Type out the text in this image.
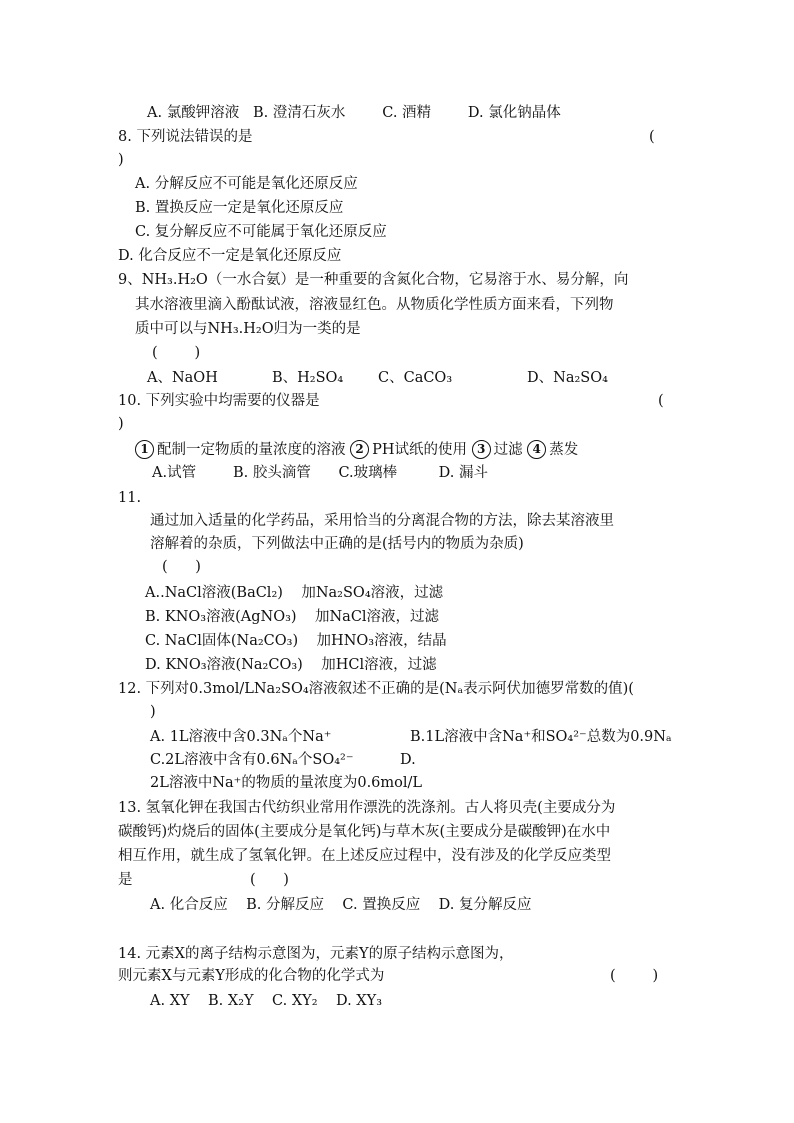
A. 氯酸钾溶液   B. 澄清石灰水        C. 酒精        D. 氯化钠晶体
8. 下列说法错误的是	(
)
A. 分解反应不可能是氧化还原反应
B. 置换反应一定是氧化还原反应
C. 复分解反应不可能属于氧化还原反应
D. 化合反应不一定是氧化还原反应
9、NH₃.H₂O（一水合氨）是一种重要的含氮化合物，它易溶于水、易分解，向
其水溶液里滴入酚酞试液，溶液显红色。从物质化学性质方面来看，下列物
质中可以与NH₃.H₂O归为一类的是
(        )
A、NaOH	B、H₂SO₄ C、CaCO₃	D、Na₂SO₄
10. 下列实验中均需要的仪器是	(
)
1 配制一定物质的量浓度的溶液 2 PH试纸的使用 3 过滤 4 蒸发
A.试管        B. 胶头滴管      C.玻璃棒         D. 漏斗
11.
通过加入适量的化学药品，采用恰当的分离混合物的方法，除去某溶液里
溶解着的杂质，下列做法中正确的是(括号内的物质为杂质)
(      )
A..NaCl溶液(BaCl₂)    加Na₂SO₄溶液，过滤
B. KNO₃溶液(AgNO₃)    加NaCl溶液，过滤
C. NaCl固体(Na₂CO₃)    加HNO₃溶液，结晶
D. KNO₃溶液(Na₂CO₃)    加HCl溶液，过滤
12. 下列对0.3mol/LNa₂SO₄溶液叙述不正确的是(Nₐ表示阿伏加德罗常数的值)(
)
A. 1L溶液中含0.3Nₐ个Na⁺	B.1L溶液中含Na⁺和SO₄²⁻总数为0.9Nₐ
C.2L溶液中含有0.6Nₐ个SO₄²⁻	D.
2L溶液中Na⁺的物质的量浓度为0.6mol/L
13. 氢氧化钾在我国古代纺织业常用作漂洗的洗涤剂。古人将贝壳(主要成分为
碳酸钙)灼烧后的固体(主要成分是氧化钙)与草木灰(主要成分是碳酸钾)在水中
相互作用，就生成了氢氧化钾。在上述反应过程中，没有涉及的化学反应类型
是	(      )
A. 化合反应    B. 分解反应    C. 置换反应    D. 复分解反应
14. 元素X的离子结构示意图为，元素Y的原子结构示意图为，
则元素X与元素Y形成的化合物的化学式为	(        )
A. XY    B. X₂Y    C. XY₂    D. XY₃
